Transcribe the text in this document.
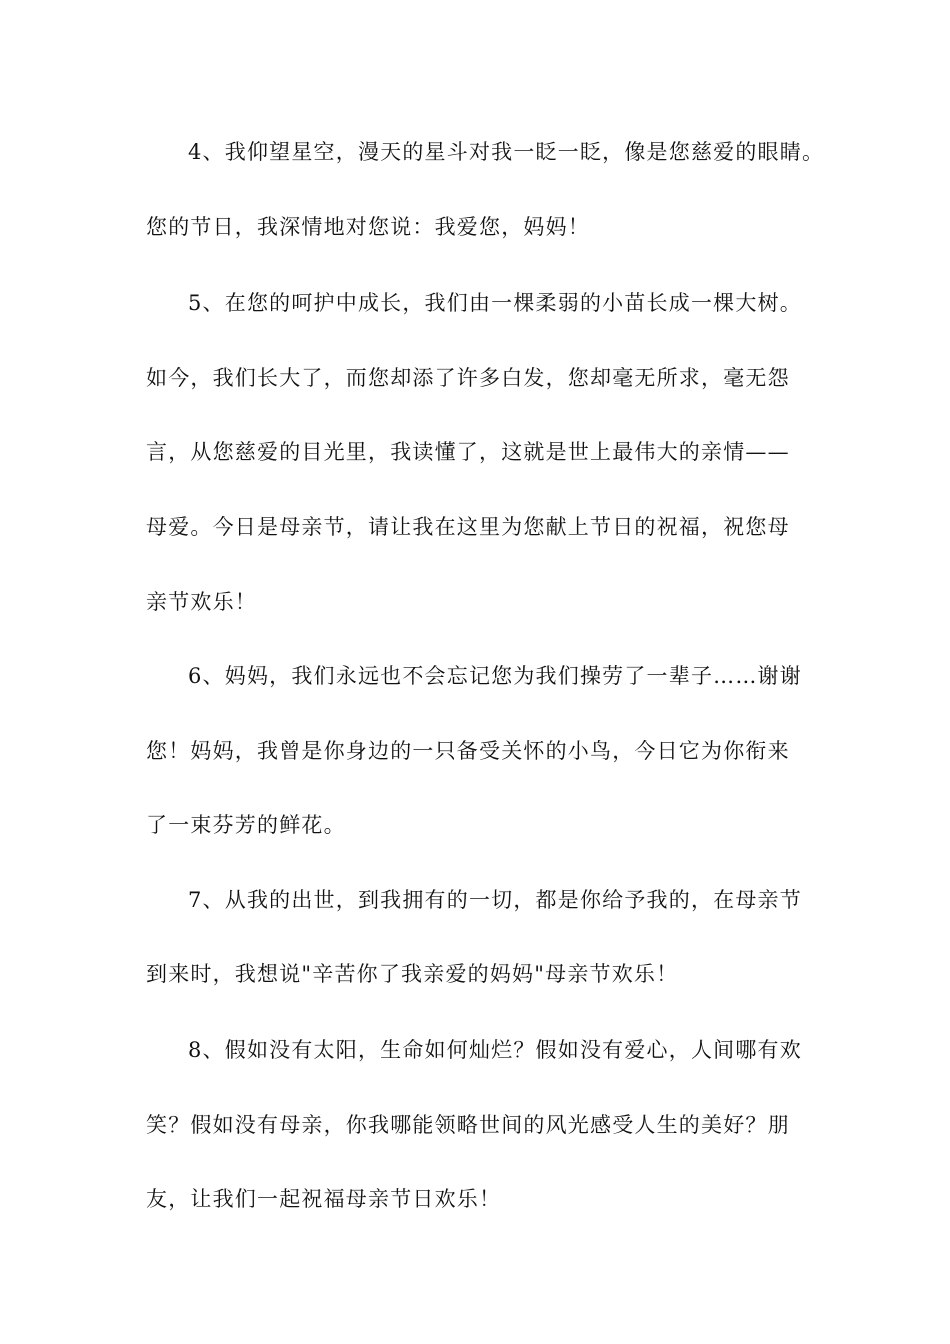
4、我仰望星空，漫天的星斗对我一眨一眨，像是您慈爱的眼睛。
您的节日，我深情地对您说：我爱您，妈妈！
5、在您的呵护中成长，我们由一棵柔弱的小苗长成一棵大树。
如今，我们长大了，而您却添了许多白发，您却毫无所求，毫无怨
言，从您慈爱的目光里，我读懂了，这就是世上最伟大的亲情——
母爱。今日是母亲节，请让我在这里为您献上节日的祝福，祝您母
亲节欢乐！
6、妈妈，我们永远也不会忘记您为我们操劳了一辈子……谢谢
您！妈妈，我曾是你身边的一只备受关怀的小鸟，今日它为你衔来
了一束芬芳的鲜花。
7、从我的出世，到我拥有的一切，都是你给予我的，在母亲节
到来时，我想说"辛苦你了我亲爱的妈妈"母亲节欢乐！
8、假如没有太阳，生命如何灿烂？假如没有爱心，人间哪有欢
笑？假如没有母亲，你我哪能领略世间的风光感受人生的美好？朋
友，让我们一起祝福母亲节日欢乐！
